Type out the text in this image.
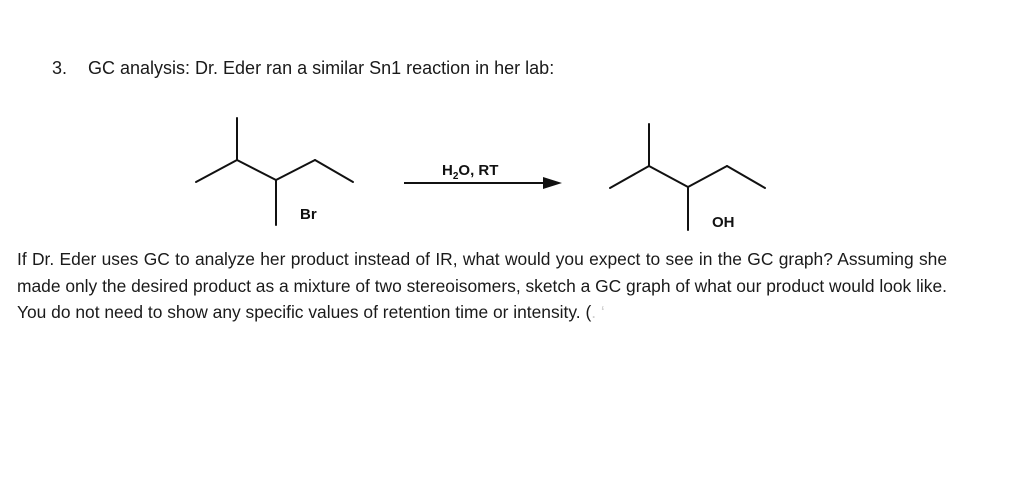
3. GC analysis: Dr. Eder ran a similar Sn1 reaction in her lab:
Br
$H_2O$, RT
OH
If Dr. Eder uses GC to analyze her product instead of IR, what would you expect to see in the GC graph? Assuming she made only the desired product as a mixture of two stereoisomers, sketch a GC graph of what our product would look like. You do not need to show any specific values of retention time or intensity. (. ‘
